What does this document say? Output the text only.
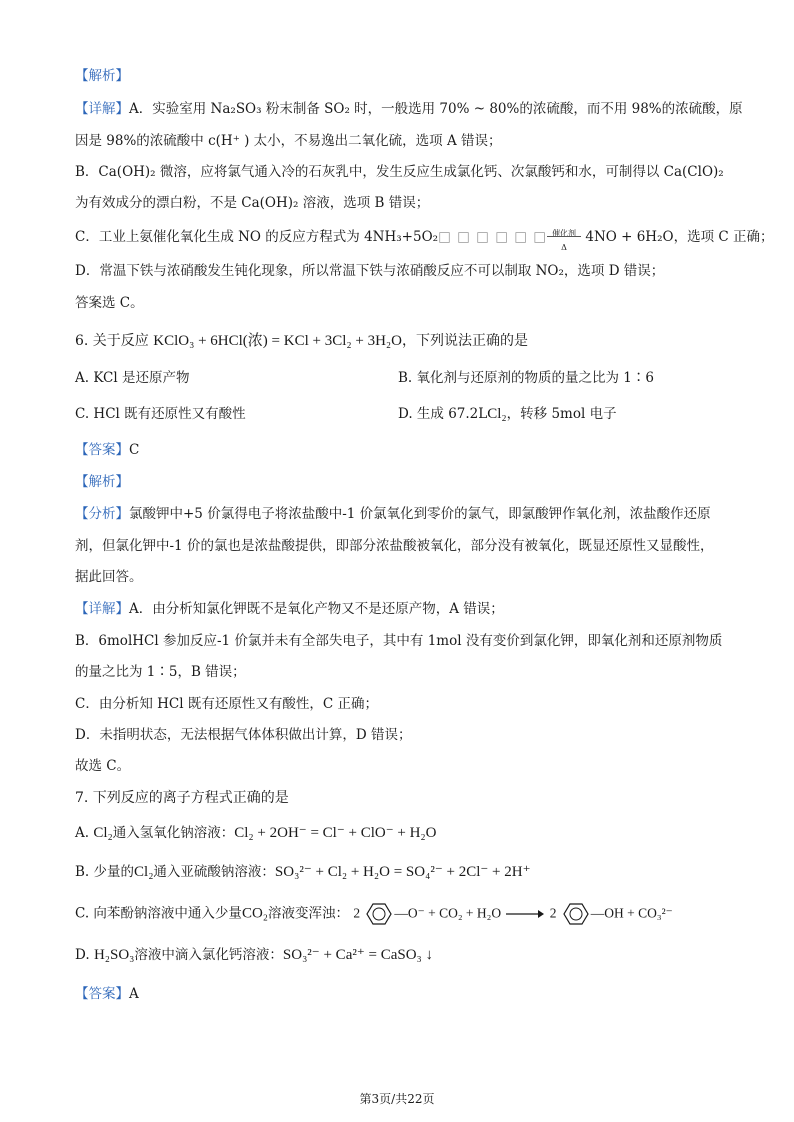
【解析】
【详解】A．实验室用 Na₂SO₃ 粉末制备 SO₂ 时，一般选用 70% ~ 80%的浓硫酸，而不用 98%的浓硫酸，原
因是 98%的浓硫酸中 c(H⁺ ) 太小，不易逸出二氧化硫，选项 A 错误；
B．Ca(OH)₂ 微溶，应将氯气通入冷的石灰乳中，发生反应生成氯化钙、次氯酸钙和水，可制得以 Ca(ClO)₂
为有效成分的漂白粉，不是 Ca(OH)₂ 溶液，选项 B 错误；
C．工业上氨催化氧化生成 NO 的反应方程式为 4NH₃+5O₂□ □ □ □ □ □ 催化剂
Δ
4NO + 6H₂O，选项 C 正确；
D．常温下铁与浓硝酸发生钝化现象，所以常温下铁与浓硝酸反应不可以制取 NO₂，选项 D 错误；
答案选 C。
6. 关于反应 KClO₃ + 6HCl(浓) = KCl + 3Cl₂ + 3H₂O，下列说法正确的是
A. KCl 是还原产物	B. 氧化剂与还原剂的物质的量之比为 1∶6
C. HCl 既有还原性又有酸性	D. 生成 67.2LCl₂，转移 5mol 电子
【答案】C
【解析】
【分析】氯酸钾中+5 价氯得电子将浓盐酸中-1 价氯氧化到零价的氯气，即氯酸钾作氧化剂，浓盐酸作还原
剂，但氯化钾中-1 价的氯也是浓盐酸提供，即部分浓盐酸被氧化，部分没有被氧化，既显还原性又显酸性，
据此回答。
【详解】A．由分析知氯化钾既不是氧化产物又不是还原产物，A 错误；
B．6molHCl 参加反应-1 价氯并未有全部失电子，其中有 1mol 没有变价到氯化钾，即氧化剂和还原剂物质
的量之比为 1∶5，B 错误；
C．由分析知 HCl 既有还原性又有酸性，C 正确；
D．未指明状态，无法根据气体体积做出计算，D 错误；
故选 C。
7. 下列反应的离子方程式正确的是
A. Cl₂通入氢氧化钠溶液：Cl₂ + 2OH⁻ = Cl⁻ + ClO⁻ + H₂O
B. 少量的Cl₂通入亚硫酸钠溶液：SO₃²⁻ + Cl₂ + H₂O = SO₄²⁻ + 2Cl⁻ + 2H⁺
C. 向苯酚钠溶液中通入少量CO₂溶液变浑浊： 2	—O⁻ + CO₂ + H₂O → 2	—OH + CO₃²⁻
D. H₂SO₃溶液中滴入氯化钙溶液：SO₃²⁻ + Ca²⁺ = CaSO₃ ↓
【答案】A
第3页/共22页
